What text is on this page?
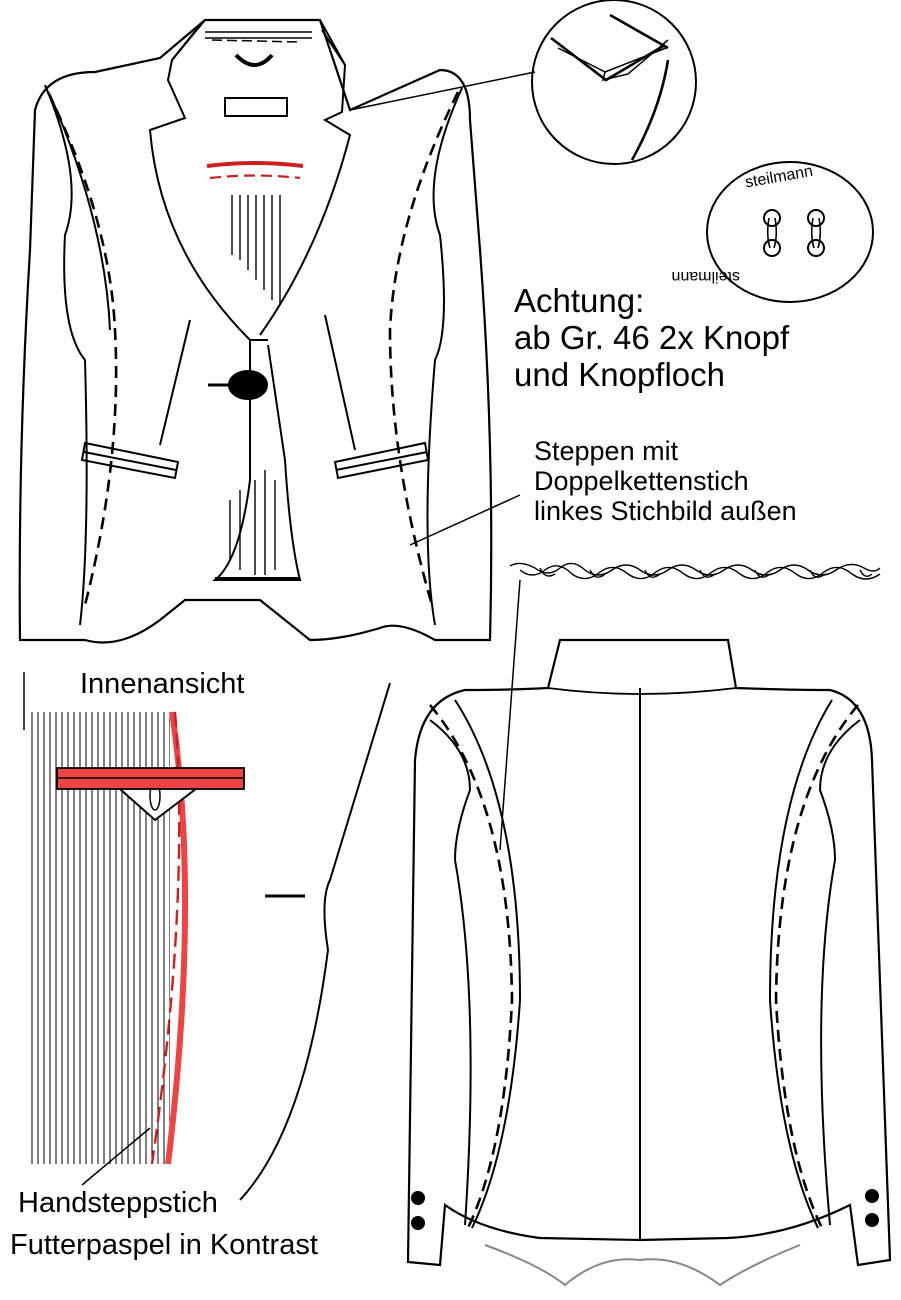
steilmann
steilmann
Achtung:
ab Gr. 46 2x Knopf
und Knopfloch
Steppen mit
Doppelkettenstich
linkes Stichbild außen
Innenansicht
Handsteppstich
Futterpaspel in Kontrast
